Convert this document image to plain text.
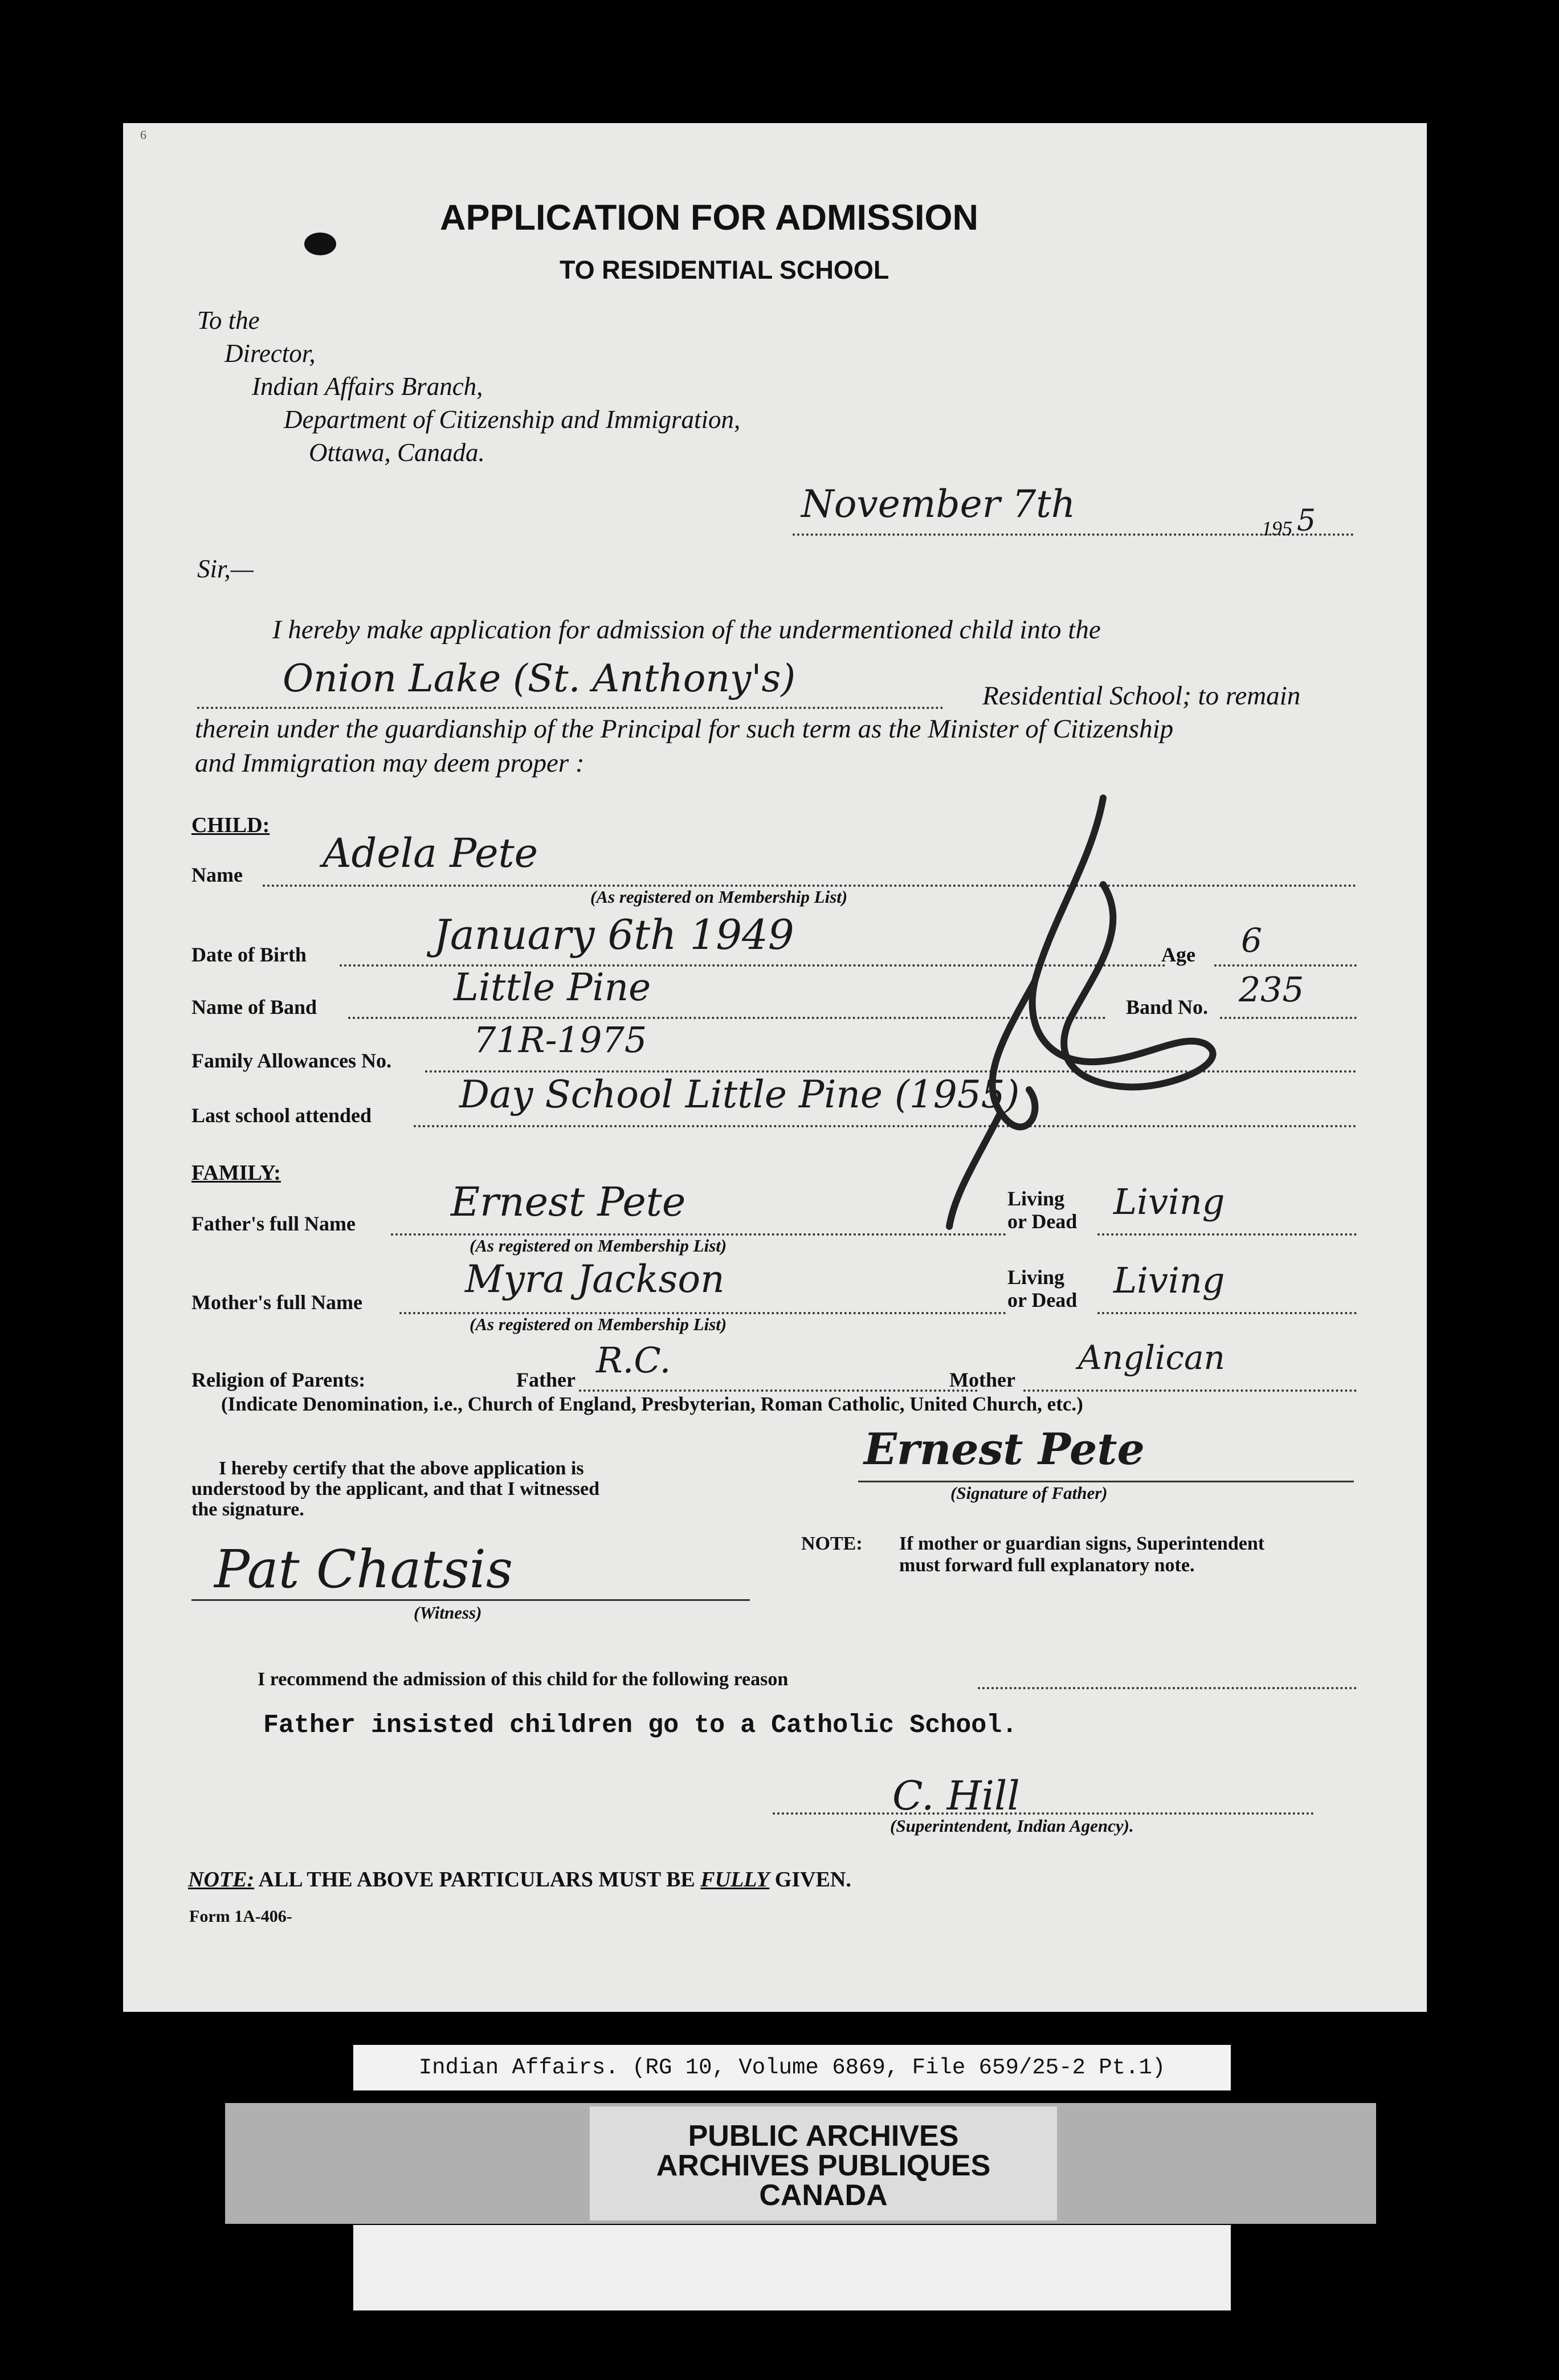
6
APPLICATION FOR ADMISSION
TO RESIDENTIAL SCHOOL
To the
Director,
Indian Affairs Branch,
Department of Citizenship and Immigration,
Ottawa, Canada.
November 7th
195 5
Sir,—
I hereby make application for admission of the undermentioned child into the
Onion Lake (St. Anthony's)	Residential School; to remain
therein under the guardianship of the Principal for such term as the Minister of Citizenship
and Immigration may deem proper :
CHILD:
Name Adela Pete
(As registered on Membership List)
Date of Birth	January 6th 1949	Age 6
Name of Band	Little Pine	Band No. 235
Family Allowances No. 71R-1975
Last school attended Day School Little Pine (1955)
FAMILY:
Father's full Name Ernest Pete
(As registered on Membership List)
Living
or Dead Living
Mother's full Name
Myra Jackson
(As registered on Membership List)
Living
or Dead Living
Religion of Parents:	Father R.C.	Mother
Anglican
(Indicate Denomination, i.e., Church of England, Presbyterian, Roman Catholic, United Church, etc.)
I hereby certify that the above application is
understood by the applicant, and that I witnessed
the signature.
Ernest Pete
(Signature of Father)
Pat Chatsis
(Witness)
NOTE: If mother or guardian signs, Superintendent
must forward full explanatory note.
I recommend the admission of this child for the following reason
Father insisted children go to a Catholic School.
C. Hill
(Superintendent, Indian Agency).
NOTE: ALL THE ABOVE PARTICULARS MUST BE FULLY GIVEN.
Form 1A-406-
Indian Affairs. (RG 10, Volume 6869, File 659/25-2 Pt.1)
PUBLIC ARCHIVES
ARCHIVES PUBLIQUES
CANADA
